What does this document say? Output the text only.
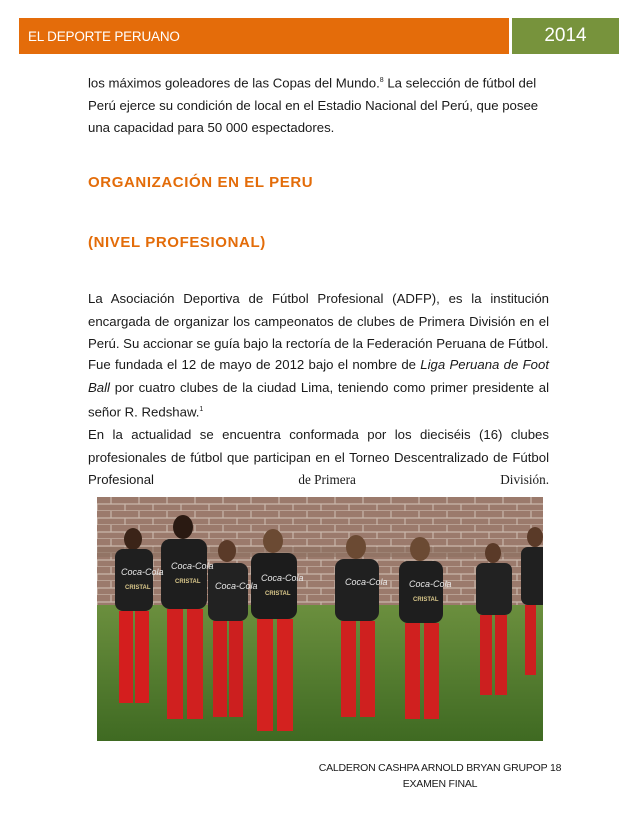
EL DEPORTE PERUANO	2014
los máximos goleadores de las Copas del Mundo.$^8$ La selección de fútbol del Perú ejerce su condición de local en el Estadio Nacional del Perú, que posee una capacidad para 50 000 espectadores.
ORGANIZACIÓN EN EL PERU
(NIVEL PROFESIONAL)
La Asociación Deportiva de Fútbol Profesional (ADFP), es la institución encargada de organizar los campeonatos de clubes de Primera División en el Perú. Su accionar se guía bajo la rectoría de la Federación Peruana de Fútbol.
Fue fundada el 12 de mayo de 2012 bajo el nombre de Liga Peruana de Foot Ball por cuatro clubes de la ciudad Lima, teniendo como primer presidente al señor R. Redshaw.$^1$
En la actualidad se encuentra conformada por los dieciséis (16) clubes profesionales de fútbol que participan en el Torneo Descentralizado de Fútbol
Profesional	de Primera	División.
Coca-Cola
Coca-Cola
Coca-Cola
Coca-Cola	Coca-Cola Coca-Cola
CRISTAL
CRISTAL
CRISTAL
CRISTAL
CALDERON CASHPA ARNOLD BRYAN GRUPOP 18
EXAMEN FINAL
